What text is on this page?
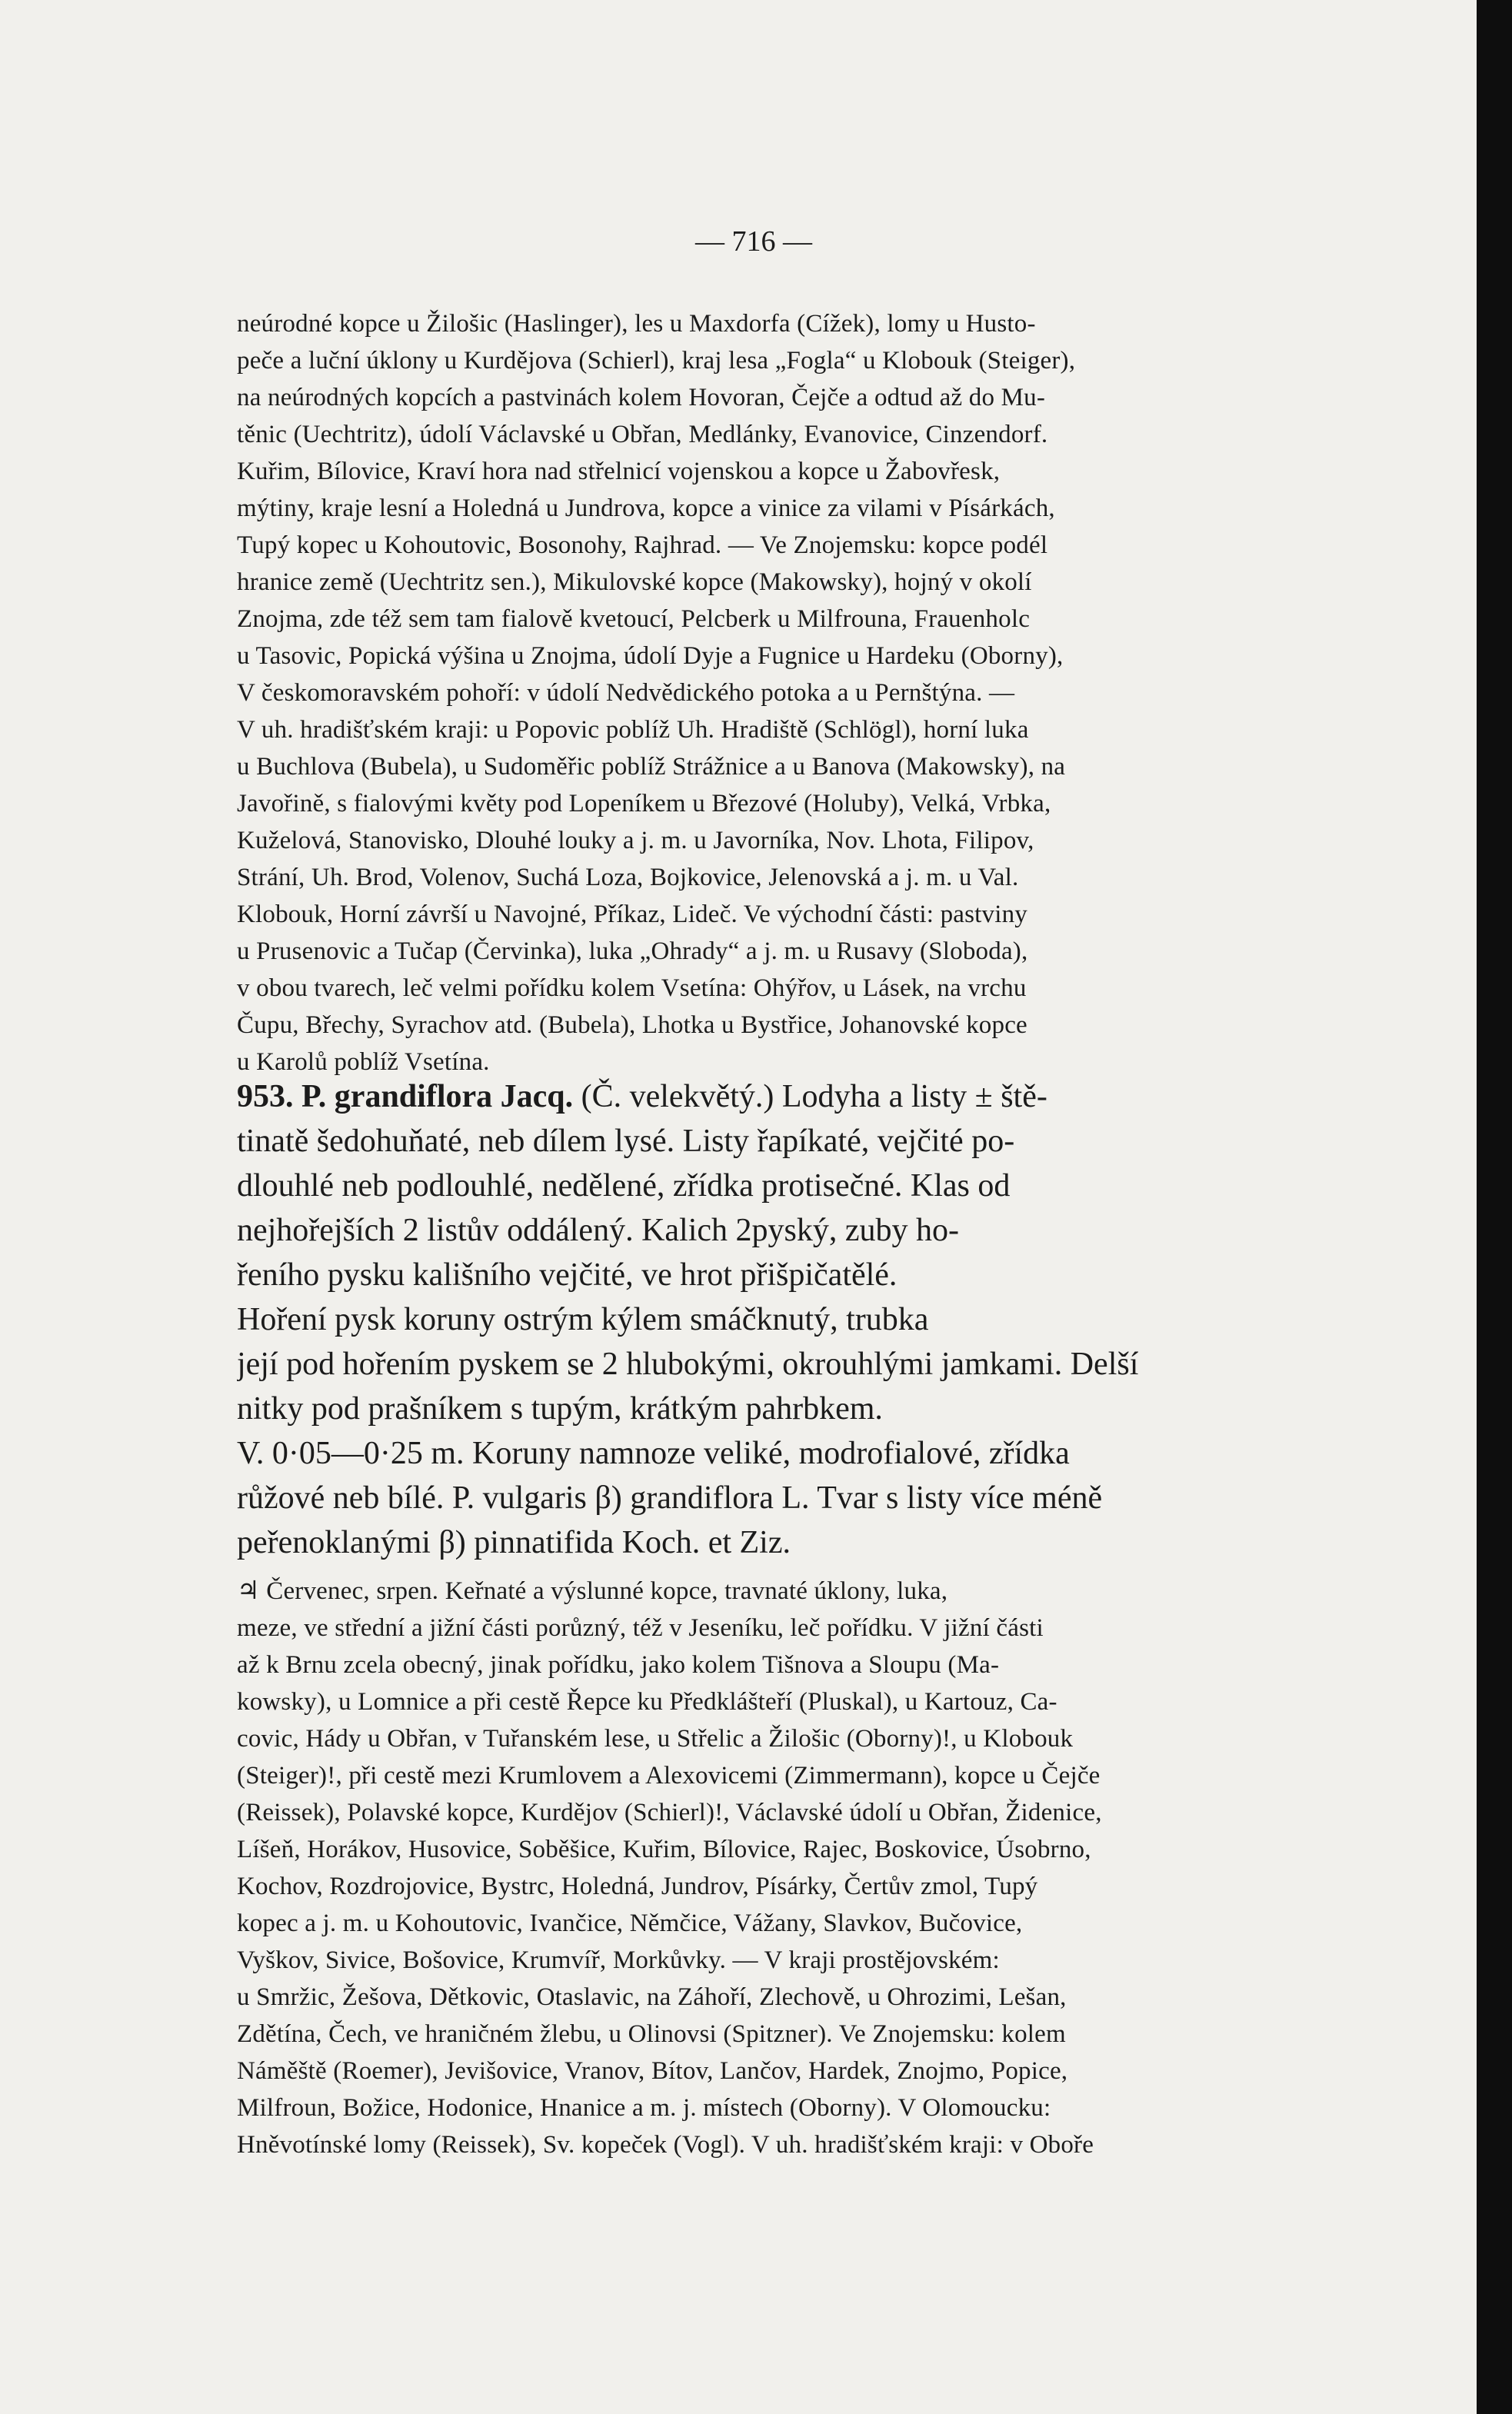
— 716 —
neúrodné kopce u Žilošic (Haslinger), les u Maxdorfa (Cížek), lomy u Husto-
peče a luční úklony u Kurdějova (Schierl), kraj lesa „Fogla“ u Klobouk (Steiger),
na neúrodných kopcích a pastvinách kolem Hovoran, Čejče a odtud až do Mu-
těnic (Uechtritz), údolí Václavské u Obřan, Medlánky, Evanovice, Cinzendorf.
Kuřim, Bílovice, Kraví hora nad střelnicí vojenskou a kopce u Žabovřesk,
mýtiny, kraje lesní a Holedná u Jundrova, kopce a vinice za vilami v Písárkách,
Tupý kopec u Kohoutovic, Bosonohy, Rajhrad. — Ve Znojemsku: kopce podél
hranice země (Uechtritz sen.), Mikulovské kopce (Makowsky), hojný v okolí
Znojma, zde též sem tam fialově kvetoucí, Pelcberk u Milfrouna, Frauenholc
u Tasovic, Popická výšina u Znojma, údolí Dyje a Fugnice u Hardeku (Oborny),
V českomoravském pohoří: v údolí Nedvědického potoka a u Pernštýna. —
V uh. hradišťském kraji: u Popovic poblíž Uh. Hradiště (Schlögl), horní luka
u Buchlova (Bubela), u Sudoměřic poblíž Strážnice a u Banova (Makowsky), na
Javořině, s fialovými květy pod Lopeníkem u Březové (Holuby), Velká, Vrbka,
Kuželová, Stanovisko, Dlouhé louky a j. m. u Javorníka, Nov. Lhota, Filipov,
Strání, Uh. Brod, Volenov, Suchá Loza, Bojkovice, Jelenovská a j. m. u Val.
Klobouk, Horní závrší u Navojné, Příkaz, Lideč. Ve východní části: pastviny
u Prusenovic a Tučap (Červinka), luka „Ohrady“ a j. m. u Rusavy (Sloboda),
v obou tvarech, leč velmi pořídku kolem Vsetína: Ohýřov, u Lásek, na vrchu
Čupu, Břechy, Syrachov atd. (Bubela), Lhotka u Bystřice, Johanovské kopce
u Karolů poblíž Vsetína.
953. P. grandiflora Jacq. (Č. velekvětý.) Lodyha a listy ± ště-
tinatě šedohuňaté, neb dílem lysé. Listy řapíkaté, vejčité po-
dlouhlé neb podlouhlé, nedělené, zřídka protisečné. Klas od
nejhořejších 2 listův oddálený. Kalich 2pyský, zuby ho-
řeního pysku kališního vejčité, ve hrot přišpičatělé.
Hoření pysk koruny ostrým kýlem smáčknutý, trubka
její pod hořením pyskem se 2 hlubokými, okrouhlými jamkami. Delší
nitky pod prašníkem s tupým, krátkým pahrbkem.
V. 0·05—0·25 m. Koruny namnoze veliké, modrofialové, zřídka
růžové neb bílé. P. vulgaris β) grandiflora L. Tvar s listy více méně
peřenoklanými β) pinnatifida Koch. et Ziz.
♃ Červenec, srpen. Keřnaté a výslunné kopce, travnaté úklony, luka,
meze, ve střední a jižní části porůzný, též v Jeseníku, leč pořídku. V jižní části
až k Brnu zcela obecný, jinak pořídku, jako kolem Tišnova a Sloupu (Ma-
kowsky), u Lomnice a při cestě Řepce ku Předklášteří (Pluskal), u Kartouz, Ca-
covic, Hády u Obřan, v Tuřanském lese, u Střelic a Žilošic (Oborny)!, u Klobouk
(Steiger)!, při cestě mezi Krumlovem a Alexovicemi (Zimmermann), kopce u Čejče
(Reissek), Polavské kopce, Kurdějov (Schierl)!, Václavské údolí u Obřan, Židenice,
Líšeň, Horákov, Husovice, Soběšice, Kuřim, Bílovice, Rajec, Boskovice, Úsobrno,
Kochov, Rozdrojovice, Bystrc, Holedná, Jundrov, Písárky, Čertův zmol, Tupý
kopec a j. m. u Kohoutovic, Ivančice, Němčice, Vážany, Slavkov, Bučovice,
Vyškov, Sivice, Bošovice, Krumvíř, Morkůvky. — V kraji prostějovském:
u Smržic, Žešova, Dětkovic, Otaslavic, na Záhoří, Zlechově, u Ohrozimi, Lešan,
Zdětína, Čech, ve hraničném žlebu, u Olinovsi (Spitzner). Ve Znojemsku: kolem
Náměště (Roemer), Jevišovice, Vranov, Bítov, Lančov, Hardek, Znojmo, Popice,
Milfroun, Božice, Hodonice, Hnanice a m. j. místech (Oborny). V Olomoucku:
Hněvotínské lomy (Reissek), Sv. kopeček (Vogl). V uh. hradišťském kraji: v Oboře
